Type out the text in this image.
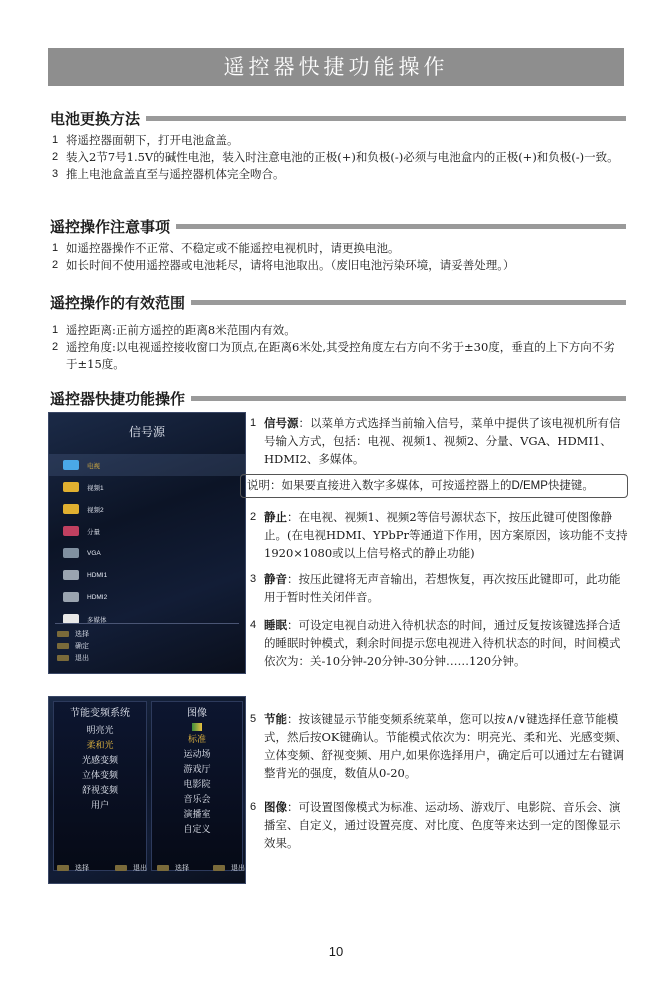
遥控器快捷功能操作
电池更换方法
1 将遥控器面朝下，打开电池盒盖。
2 装入2节7号1.5V的碱性电池，装入时注意电池的正极(+)和负极(-)必须与电池盒内的正极(+)和负极(-)一致。
3 推上电池盒盖直至与遥控器机体完全吻合。
遥控操作注意事项
1 如遥控器操作不正常、不稳定或不能遥控电视机时，请更换电池。
2 如长时间不使用遥控器或电池耗尽，请将电池取出。（废旧电池污染环境，请妥善处理。）
遥控操作的有效范围
1 遥控距离:正前方遥控的距离8米范围内有效。
2 遥控角度:以电视遥控接收窗口为顶点,在距离6米处,其受控角度左右方向不劣于±30度，垂直的上下方向不劣于±15度。
遥控器快捷功能操作
信号源
电视
视频1
视频2
分量
VGA
HDMI1
HDMI2
多媒体
选择
确定
退出
节能变频系统
明亮光
柔和光
光感变频
立体变频
舒视变频
用户
图像
标准
运动场
游戏厅
电影院
音乐会
演播室
自定义
选择	退出	选择	退出
1 信号源：以菜单方式选择当前输入信号，菜单中提供了该电视机所有信号输入方式，包括：电视、视频1、视频2、分量、VGA、HDMI1、HDMI2、多媒体。
说明：如果要直接进入数字多媒体，可按遥控器上的D/EMP快捷键。
2 静止：在电视、视频1、视频2等信号源状态下，按压此键可使图像静止。(在电视HDMI、YPbPr等通道下作用，因方案原因，该功能不支持1920×1080或以上信号格式的静止功能)
3 静音：按压此键将无声音输出，若想恢复，再次按压此键即可，此功能用于暂时性关闭伴音。
4 睡眠：可设定电视自动进入待机状态的时间，通过反复按该键选择合适的睡眠时钟模式，剩余时间提示您电视进入待机状态的时间，时间模式依次为：关-10分钟-20分钟-30分钟……120分钟。
5 节能：按该键显示节能变频系统菜单，您可以按∧/∨键选择任意节能模式，然后按OK键确认。节能模式依次为：明亮光、柔和光、光感变频、立体变频、舒视变频、用户,如果你选择用户，确定后可以通过左右键调整背光的强度，数值从0-20。
6 图像：可设置图像模式为标准、运动场、游戏厅、电影院、音乐会、演播室、自定义，通过设置亮度、对比度、色度等来达到一定的图像显示效果。
10
